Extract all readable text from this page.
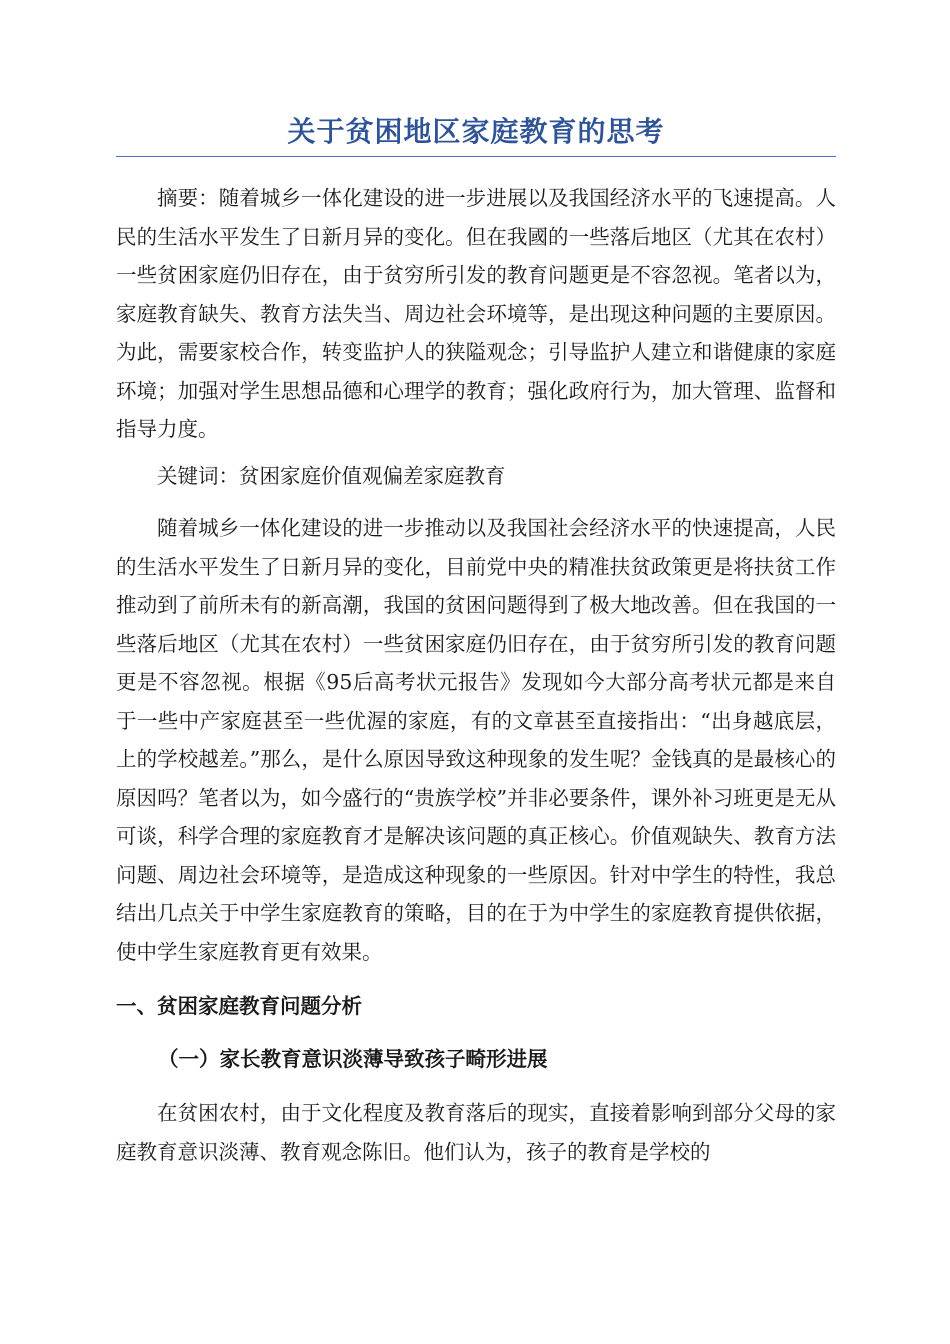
关于贫困地区家庭教育的思考

摘要：随着城乡一体化建设的进一步进展以及我国经济水平的飞速提高。人民的生活水平发生了日新月异的变化。但在我國的一些落后地区（尤其在农村）一些贫困家庭仍旧存在，由于贫穷所引发的教育问题更是不容忽视。笔者以为，家庭教育缺失、教育方法失当、周边社会环境等，是出现这种问题的主要原因。为此，需要家校合作，转变监护人的狭隘观念；引导监护人建立和谐健康的家庭环境；加强对学生思想品德和心理学的教育；强化政府行为，加大管理、监督和指导力度。

关键词：贫困家庭价值观偏差家庭教育

随着城乡一体化建设的进一步推动以及我国社会经济水平的快速提高，人民的生活水平发生了日新月异的变化，目前党中央的精准扶贫政策更是将扶贫工作推动到了前所未有的新高潮，我国的贫困问题得到了极大地改善。但在我国的一些落后地区（尤其在农村）一些贫困家庭仍旧存在，由于贫穷所引发的教育问题更是不容忽视。根据《95后高考状元报告》发现如今大部分高考状元都是来自于一些中产家庭甚至一些优渥的家庭，有的文章甚至直接指出：“出身越底层，上的学校越差。”那么，是什么原因导致这种现象的发生呢？金钱真的是最核心的原因吗？笔者以为，如今盛行的“贵族学校”并非必要条件，课外补习班更是无从可谈，科学合理的家庭教育才是解决该问题的真正核心。价值观缺失、教育方法问题、周边社会环境等，是造成这种现象的一些原因。针对中学生的特性，我总结出几点关于中学生家庭教育的策略，目的在于为中学生的家庭教育提供依据，使中学生家庭教育更有效果。

一、贫困家庭教育问题分析
（一）家长教育意识淡薄导致孩子畸形进展

在贫困农村，由于文化程度及教育落后的现实，直接着影响到部分父母的家庭教育意识淡薄、教育观念陈旧。他们认为，孩子的教育是学校的
